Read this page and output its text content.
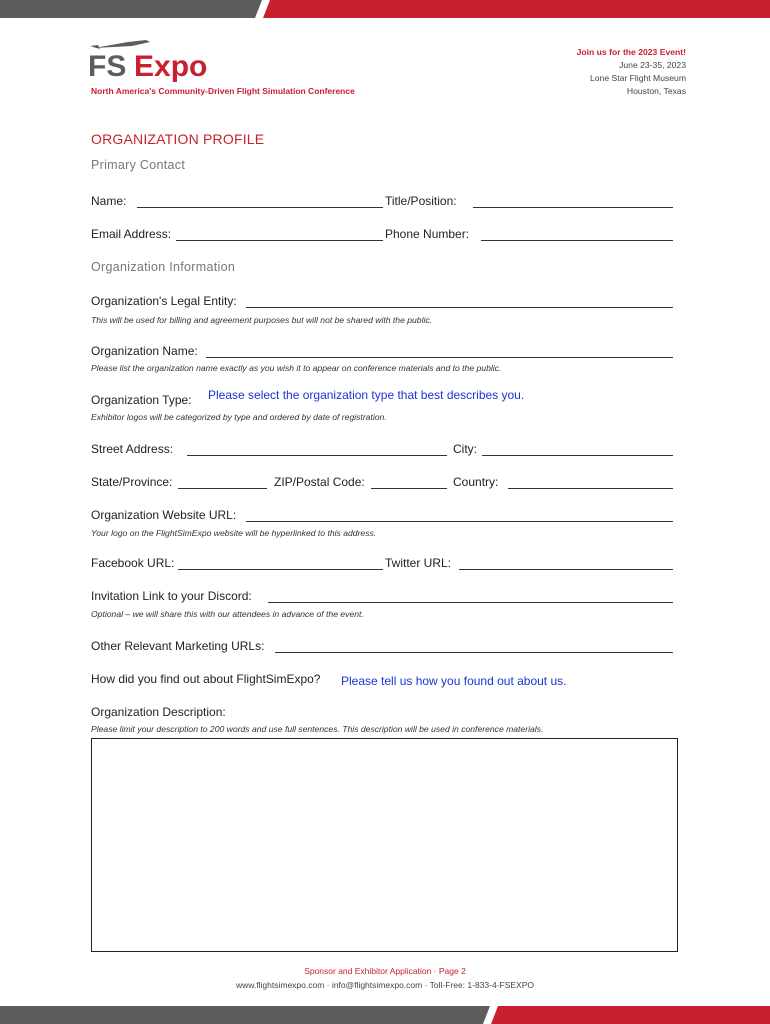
FS Expo
North America's Community-Driven Flight Simulation Conference
Join us for the 2023 Event!
June 23-35, 2023
Lone Star Flight Museum
Houston, Texas
ORGANIZATION PROFILE
Primary Contact
Name:	Title/Position:
Email Address:	Phone Number:
Organization Information
Organization's Legal Entity:
This will be used for billing and agreement purposes but will not be shared with the public.
Organization Name:
Please list the organization name exactly as you wish it to appear on conference materials and to the public.
Organization Type: Please select the organization type that best describes you.
Exhibitor logos will be categorized by type and ordered by date of registration.
Street Address:	City:
State/Province:	ZIP/Postal Code:	Country:
Organization Website URL:
Your logo on the FlightSimExpo website will be hyperlinked to this address.
Facebook URL:	Twitter URL:
Invitation Link to your Discord:
Optional – we will share this with our attendees in advance of the event.
Other Relevant Marketing URLs:
How did you find out about FlightSimExpo? Please tell us how you found out about us.
Organization Description:
Please limit your description to 200 words and use full sentences. This description will be used in conference materials.
Sponsor and Exhibitor Application · Page 2
www.flightsimexpo.com · info@flightsimexpo.com · Toll-Free: 1-833-4-FSEXPO
